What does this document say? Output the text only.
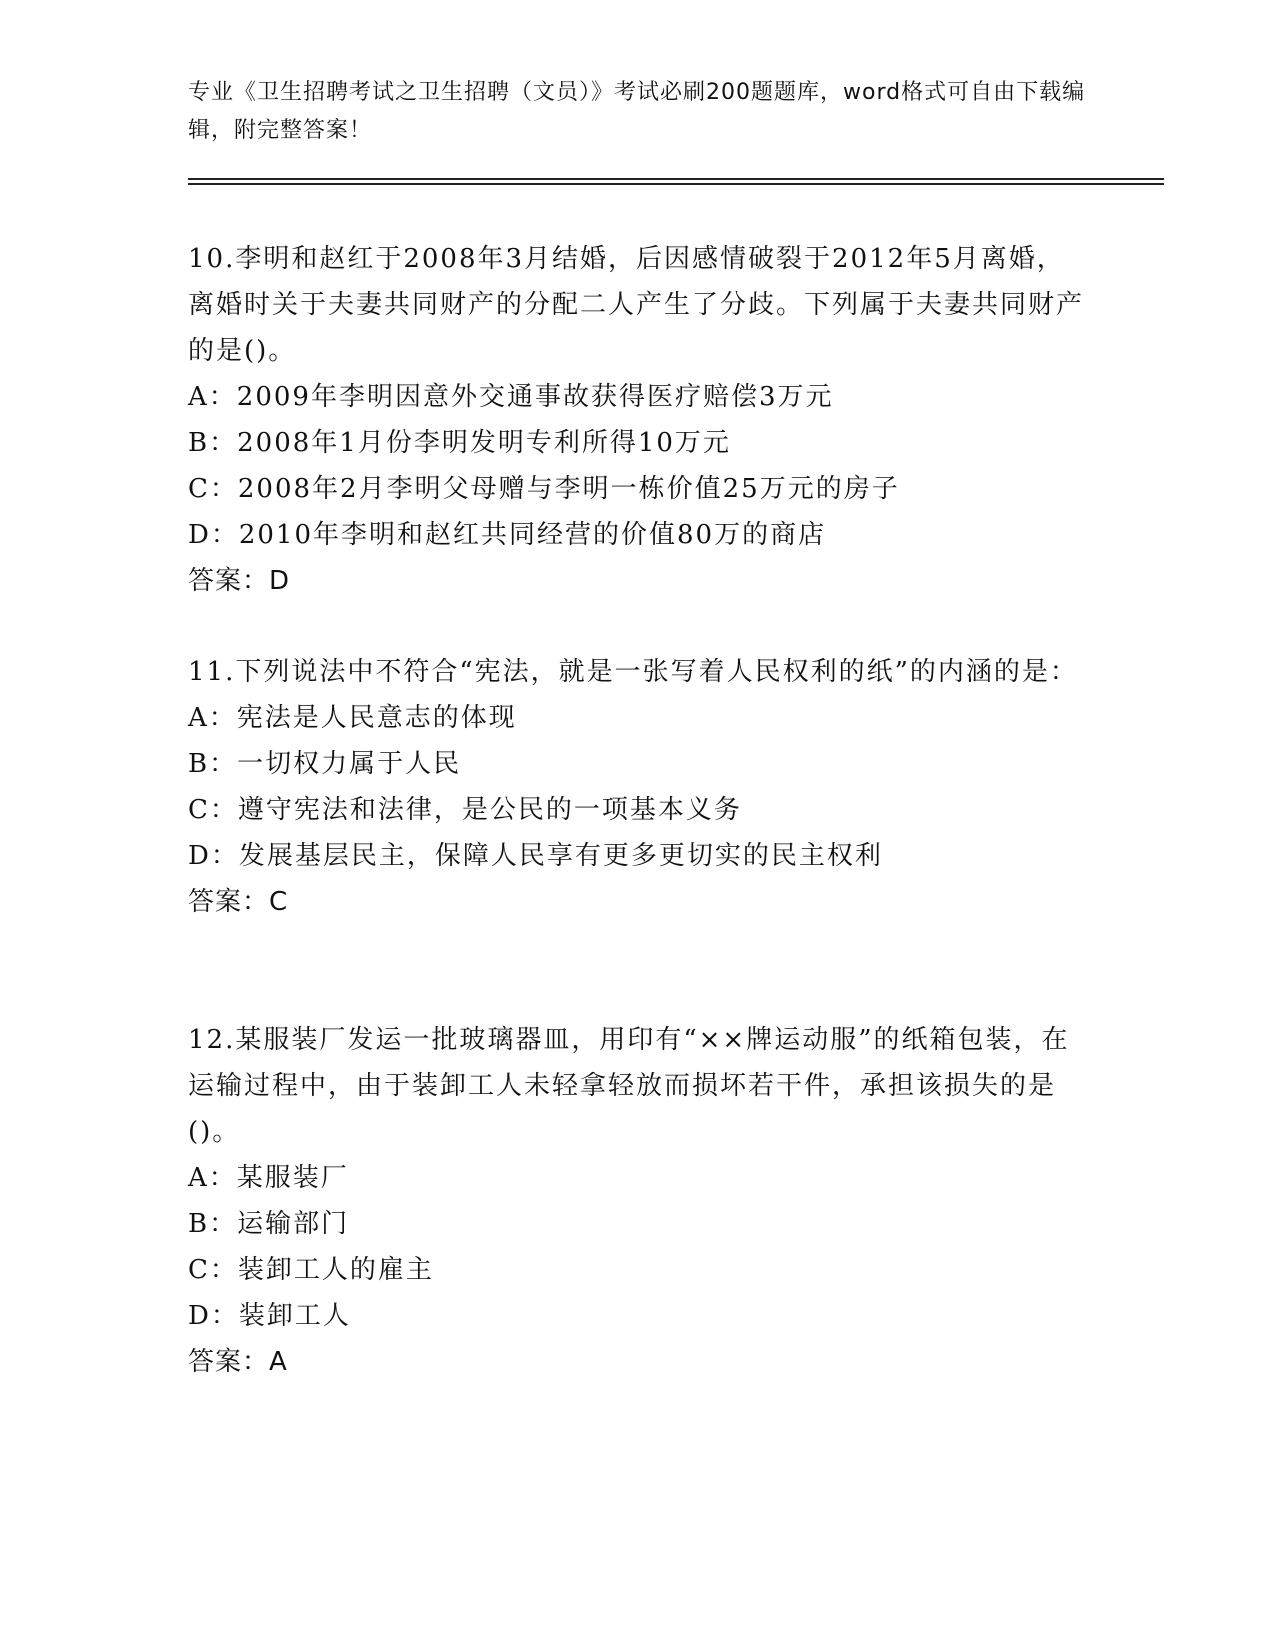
专业《卫生招聘考试之卫生招聘（文员）》考试必刷200题题库，word格式可自由下载编辑，附完整答案！

10.李明和赵红于2008年3月结婚，后因感情破裂于2012年5月离婚，离婚时关于夫妻共同财产的分配二人产生了分歧。下列属于夫妻共同财产的是()。

A：2009年李明因意外交通事故获得医疗赔偿3万元

B：2008年1月份李明发明专利所得10万元

C：2008年2月李明父母赠与李明一栋价值25万元的房子

D：2010年李明和赵红共同经营的价值80万的商店

答案：D

11.下列说法中不符合“宪法，就是一张写着人民权利的纸”的内涵的是：

A：宪法是人民意志的体现

B：一切权力属于人民

C：遵守宪法和法律，是公民的一项基本义务

D：发展基层民主，保障人民享有更多更切实的民主权利

答案：C

12.某服装厂发运一批玻璃器皿，用印有“××牌运动服”的纸箱包装，在运输过程中，由于装卸工人未轻拿轻放而损坏若干件，承担该损失的是()。

A：某服装厂

B：运输部门

C：装卸工人的雇主

D：装卸工人

答案：A
